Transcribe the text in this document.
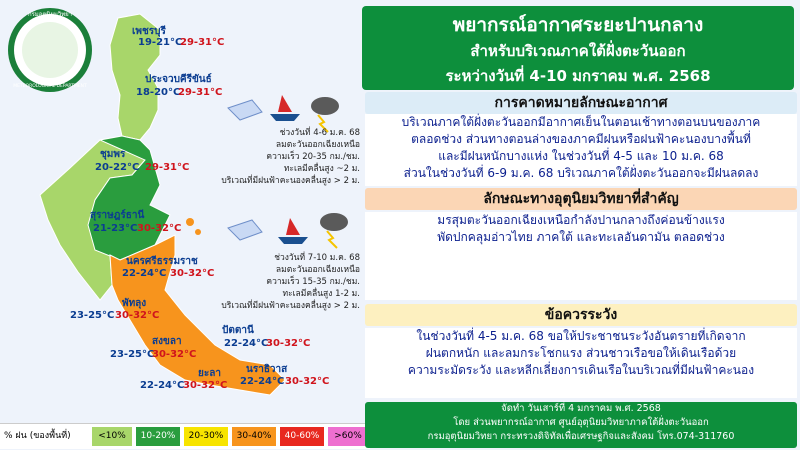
กรมอุตุนิยมวิทยา
METEOROLOGICAL DEPARTMENT
เพชรบุรี
19-21°C
29-31°C
ประจวบคีรีขันธ์
18-20°C
29-31°C
ชุมพร
20-22°C 29-31°C
สุราษฎร์ธานี
21-23°C 30-32°C
นครศรีธรรมราช
22-24°C 30-32°C
พัทลุง
23-25°C 30-32°C
สงขลา
23-25°C
30-32°C
ปัตตานี
22-24°C
30-32°C
ยะลา
22-24°C
30-32°C
นราธิวาส
22-24°C 30-32°C
ช่วงวันที่ 4-6 ม.ค. 68
ลมตะวันออกเฉียงเหนือ
ความเร็ว 20-35 กม./ชม.
ทะเลมีคลื่นสูง ~2 ม.
บริเวณที่มีฝนฟ้าคะนองคลื่นสูง > 2 ม.
ช่วงวันที่ 7-10 ม.ค. 68
ลมตะวันออกเฉียงเหนือ
ความเร็ว 15-35 กม./ชม.
ทะเลมีคลื่นสูง 1-2 ม.
บริเวณที่มีฝนฟ้าคะนองคลื่นสูง > 2 ม.
% ฝน (ของพื้นที่)	<10%	10-20%	20-30%	30-40%	40-60%	>60%
พยากรณ์อากาศระยะปานกลาง
สำหรับบริเวณภาคใต้ฝั่งตะวันออก
ระหว่างวันที่ 4-10 มกราคม พ.ศ. 2568
การคาดหมายลักษณะอากาศ
บริเวณภาคใต้ฝั่งตะวันออกมีอากาศเย็นในตอนเช้าทางตอนบนของภาค
ตลอดช่วง ส่วนทางตอนล่างของภาคมีฝนหรือฝนฟ้าคะนองบางพื้นที่
และมีฝนหนักบางแห่ง ในช่วงวันที่ 4-5 และ 10 ม.ค. 68
ส่วนในช่วงวันที่ 6-9 ม.ค. 68 บริเวณภาคใต้ฝั่งตะวันออกจะมีฝนลดลง
ลักษณะทางอุตุนิยมวิทยาที่สำคัญ
มรสุมตะวันออกเฉียงเหนือกำลังปานกลางถึงค่อนข้างแรง
พัดปกคลุมอ่าวไทย ภาคใต้ และทะเลอันดามัน ตลอดช่วง
ข้อควรระวัง
ในช่วงวันที่ 4-5 ม.ค. 68 ขอให้ประชาชนระวังอันตรายที่เกิดจาก
ฝนตกหนัก และลมกระโชกแรง ส่วนชาวเรือขอให้เดินเรือด้วย
ความระมัดระวัง และหลีกเลี่ยงการเดินเรือในบริเวณที่มีฝนฟ้าคะนอง
จัดทำ วันเสาร์ที่ 4 มกราคม พ.ศ. 2568
โดย ส่วนพยากรณ์อากาศ ศูนย์อุตุนิยมวิทยาภาคใต้ฝั่งตะวันออก
กรมอุตุนิยมวิทยา กระทรวงดิจิทัลเพื่อเศรษฐกิจและสังคม โทร.074-311760
